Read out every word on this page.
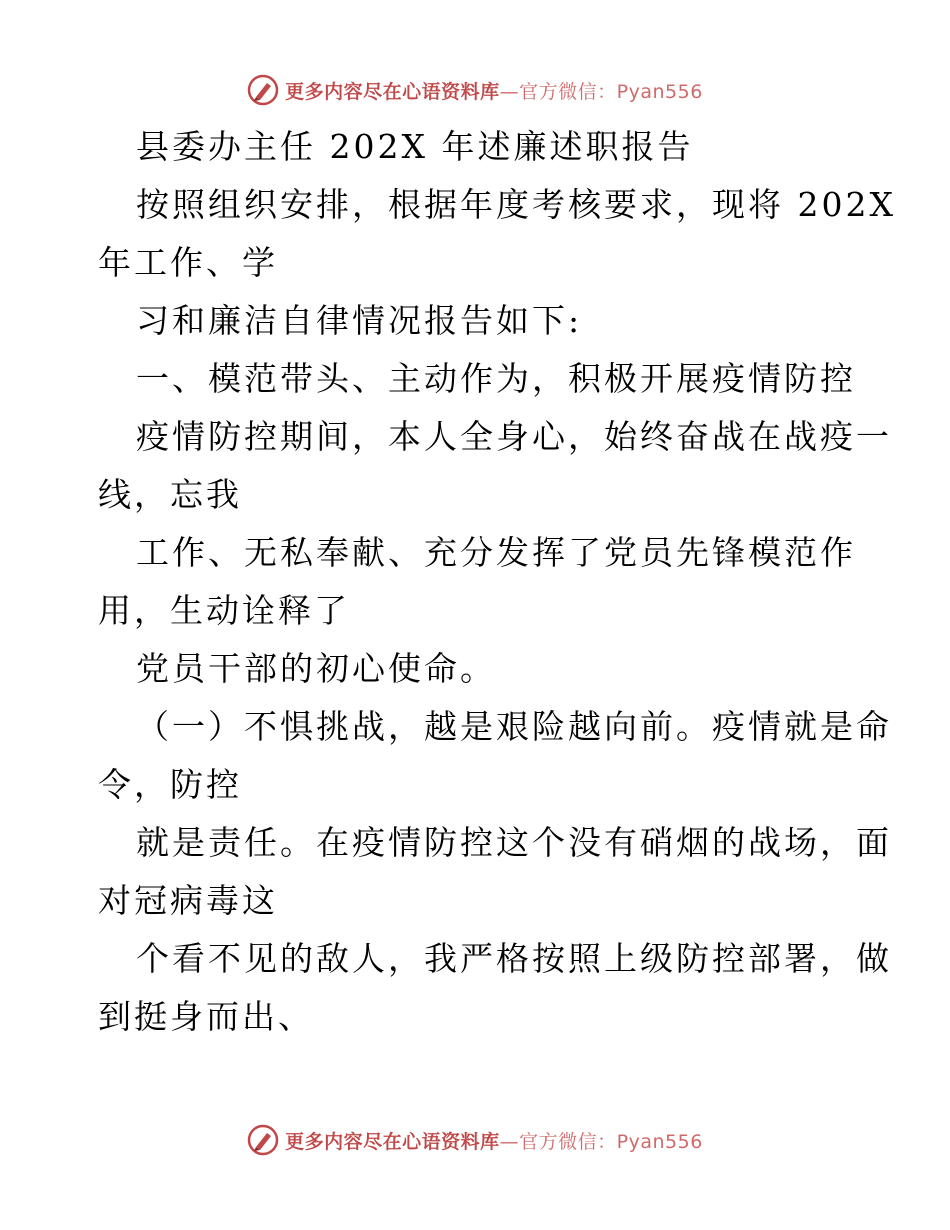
更多内容尽在心语资料库—官方微信：Pyan556
县委办主任 202X 年述廉述职报告
按照组织安排，根据年度考核要求，现将 202X
年工作、学
习和廉洁自律情况报告如下:
一、模范带头、主动作为，积极开展疫情防控
疫情防控期间，本人全身心，始终奋战在战疫一
线，忘我
工作、无私奉献、充分发挥了党员先锋模范作
用，生动诠释了
党员干部的初心使命。
（一）不惧挑战，越是艰险越向前。疫情就是命
令，防控
就是责任。在疫情防控这个没有硝烟的战场，面
对冠病毒这
个看不见的敌人，我严格按照上级防控部署，做
到挺身而出、
更多内容尽在心语资料库—官方微信：Pyan556
